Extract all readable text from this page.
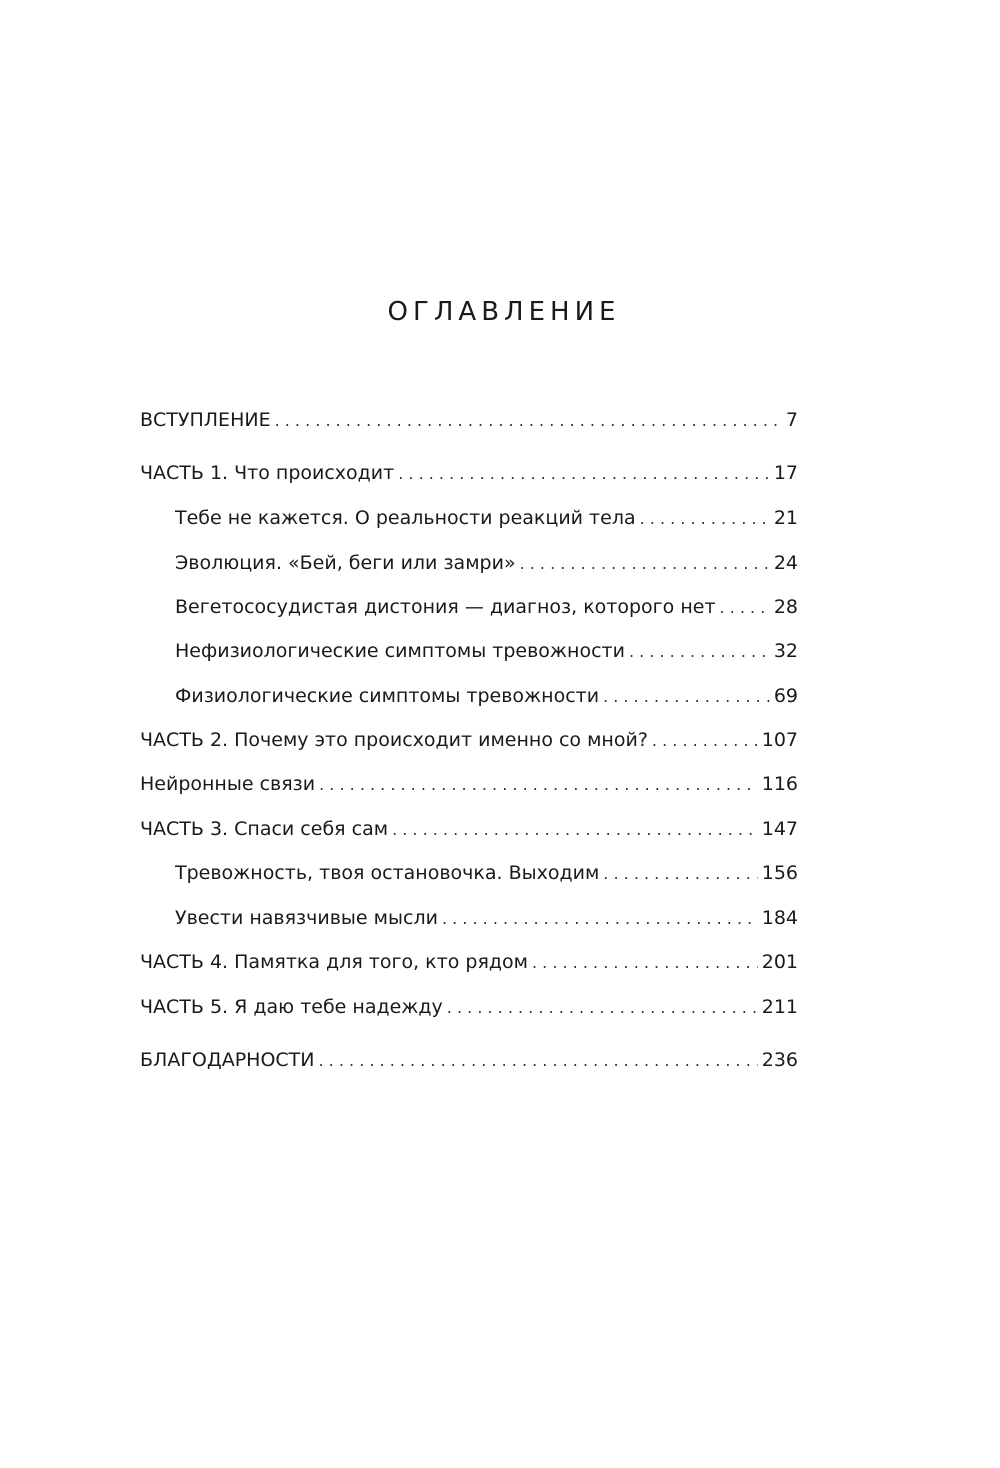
ОГЛАВЛЕНИЕ
ВСТУПЛЕНИЕ . . .	7
ЧАСТЬ 1. Что происходит . . .	17
Тебе не кажется. О реальности реакций тела . . .	21
Эволюция. «Бей, беги или замри» . . .	24
Вегетососудистая дистония — диагноз, которого нет . . .	28
Нефизиологические симптомы тревожности . . .	32
Физиологические симптомы тревожности . . .	69
ЧАСТЬ 2. Почему это происходит именно со мной? . . .	107
Нейронные связи . . .	116
ЧАСТЬ 3. Спаси себя сам . . .	147
Тревожность, твоя остановочка. Выходим . . .	156
Увести навязчивые мысли . . .	184
ЧАСТЬ 4. Памятка для того, кто рядом . . .	201
ЧАСТЬ 5. Я даю тебе надежду . . .	211
БЛАГОДАРНОСТИ . . .	236
